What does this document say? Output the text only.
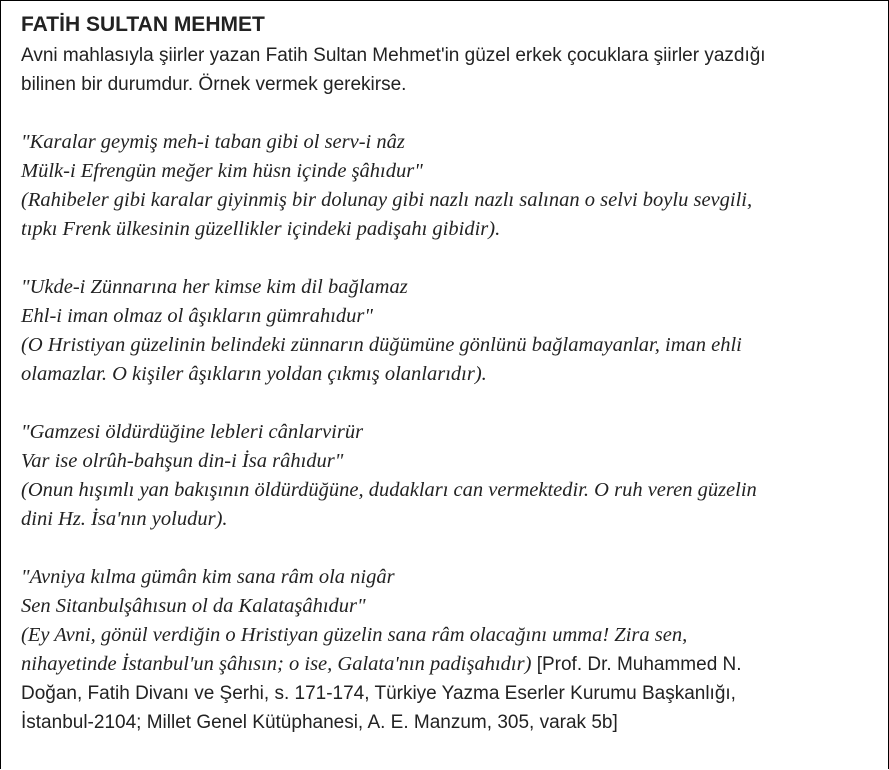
FATİH SULTAN MEHMET

Avni mahlasıyla şiirler yazan Fatih Sultan Mehmet'in güzel erkek çocuklara şiirler yazdığı
bilinen bir durumdur. Örnek vermek gerekirse.

"Karalar geymiş meh-i taban gibi ol serv-i nâz
Mülk-i Efrengün meğer kim hüsn içinde şâhıdur"
(Rahibeler gibi karalar giyinmiş bir dolunay gibi nazlı nazlı salınan o selvi boylu sevgili,
tıpkı Frenk ülkesinin güzellikler içindeki padişahı gibidir).
"Ukde-i Zünnarına her kimse kim dil bağlamaz
Ehl-i iman olmaz ol âşıkların gümrahıdur"
(O Hristiyan güzelinin belindeki zünnarın düğümüne gönlünü bağlamayanlar, iman ehli
olamazlar. O kişiler âşıkların yoldan çıkmış olanlarıdır).
"Gamzesi öldürdüğine lebleri cânlarvirür
Var ise olrûh-bahşun din-i İsa râhıdur"
(Onun hışımlı yan bakışının öldürdüğüne, dudakları can vermektedir. O ruh veren güzelin
dini Hz. İsa'nın yoludur).
"Avniya kılma gümân kim sana râm ola nigâr
Sen Sitanbulşâhısun ol da Kalataşâhıdur"
(Ey Avni, gönül verdiğin o Hristiyan güzelin sana râm olacağını umma! Zira sen,
nihayetinde İstanbul'un şâhısın; o ise, Galata'nın padişahıdır) [Prof. Dr. Muhammed N.
Doğan, Fatih Divanı ve Şerhi, s. 171-174, Türkiye Yazma Eserler Kurumu Başkanlığı,
İstanbul-2104; Millet Genel Kütüphanesi, A. E. Manzum, 305, varak 5b]
